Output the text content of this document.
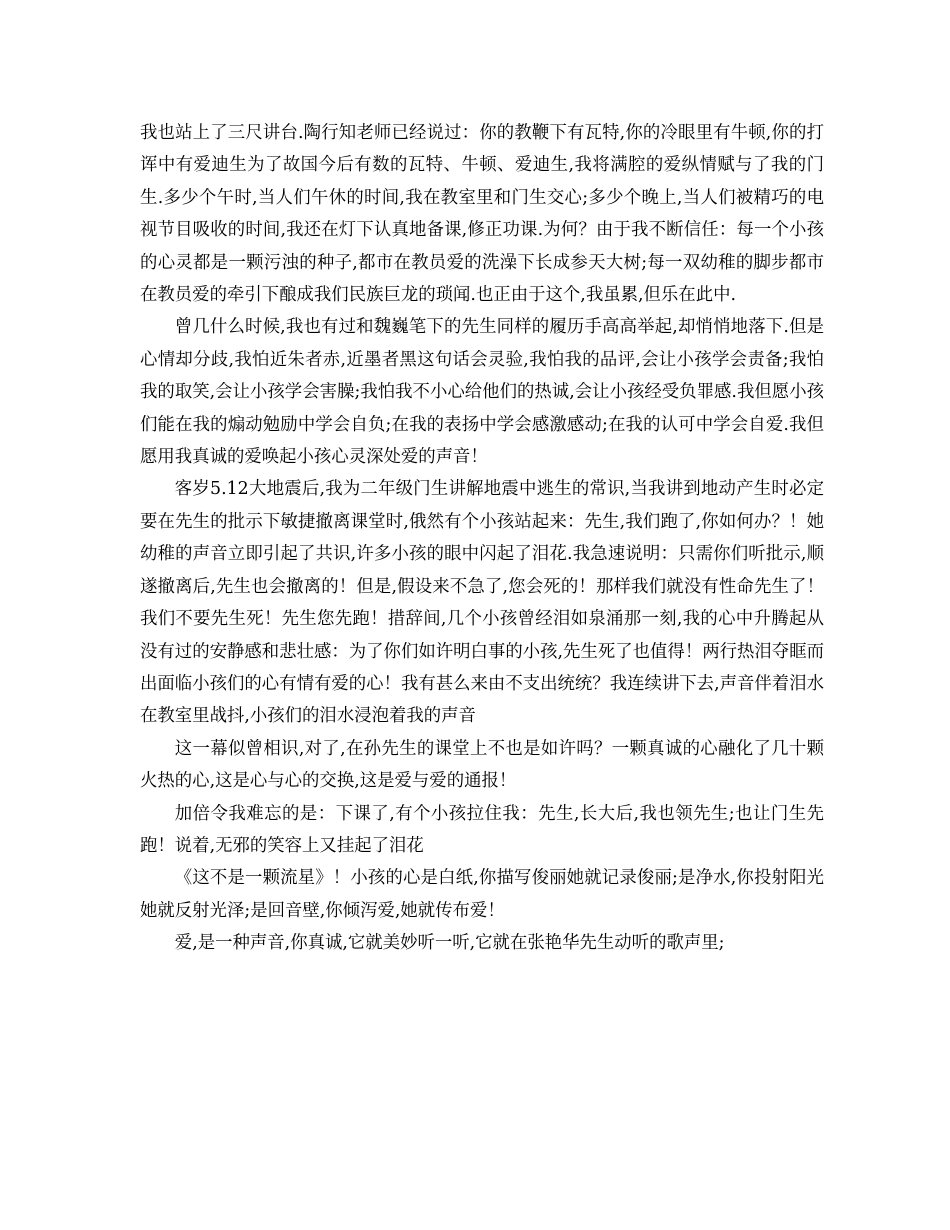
我也站上了三尺讲台.陶行知老师已经说过：你的教鞭下有瓦特,你的冷眼里有牛顿,你的打诨中有爱迪生为了故国今后有数的瓦特、牛顿、爱迪生,我将满腔的爱纵情赋与了我的门生.多少个午时,当人们午休的时间,我在教室里和门生交心;多少个晚上,当人们被精巧的电视节目吸收的时间,我还在灯下认真地备课,修正功课.为何？由于我不断信任：每一个小孩的心灵都是一颗污浊的种子,都市在教员爱的洗澡下长成参天大树;每一双幼稚的脚步都市在教员爱的牵引下酿成我们民族巨龙的琐闻.也正由于这个,我虽累,但乐在此中.

曾几什么时候,我也有过和魏巍笔下的先生同样的履历手高高举起,却悄悄地落下.但是心情却分歧,我怕近朱者赤,近墨者黑这句话会灵验,我怕我的品评,会让小孩学会责备;我怕我的取笑,会让小孩学会害臊;我怕我不小心给他们的热诚,会让小孩经受负罪感.我但愿小孩们能在我的煽动勉励中学会自负;在我的表扬中学会感激感动;在我的认可中学会自爱.我但愿用我真诚的爱唤起小孩心灵深处爱的声音！

客岁5.12大地震后,我为二年级门生讲解地震中逃生的常识,当我讲到地动产生时必定要在先生的批示下敏捷撤离课堂时,俄然有个小孩站起来：先生,我们跑了,你如何办？！她幼稚的声音立即引起了共识,许多小孩的眼中闪起了泪花.我急速说明：只需你们听批示,顺遂撤离后,先生也会撤离的！但是,假设来不急了,您会死的！那样我们就没有性命先生了！我们不要先生死！先生您先跑！措辞间,几个小孩曾经泪如泉涌那一刻,我的心中升腾起从没有过的安静感和悲壮感：为了你们如许明白事的小孩,先生死了也值得！两行热泪夺眶而出面临小孩们的心有情有爱的心！我有甚么来由不支出统统？我连续讲下去,声音伴着泪水在教室里战抖,小孩们的泪水浸泡着我的声音

这一幕似曾相识,对了,在孙先生的课堂上不也是如许吗？一颗真诚的心融化了几十颗火热的心,这是心与心的交换,这是爱与爱的通报！

加倍令我难忘的是：下课了,有个小孩拉住我：先生,长大后,我也领先生;也让门生先跑！说着,无邪的笑容上又挂起了泪花

《这不是一颗流星》！小孩的心是白纸,你描写俊丽她就记录俊丽;是净水,你投射阳光她就反射光泽;是回音壁,你倾泻爱,她就传布爱！

爱,是一种声音,你真诚,它就美妙听一听,它就在张艳华先生动听的歌声里;
